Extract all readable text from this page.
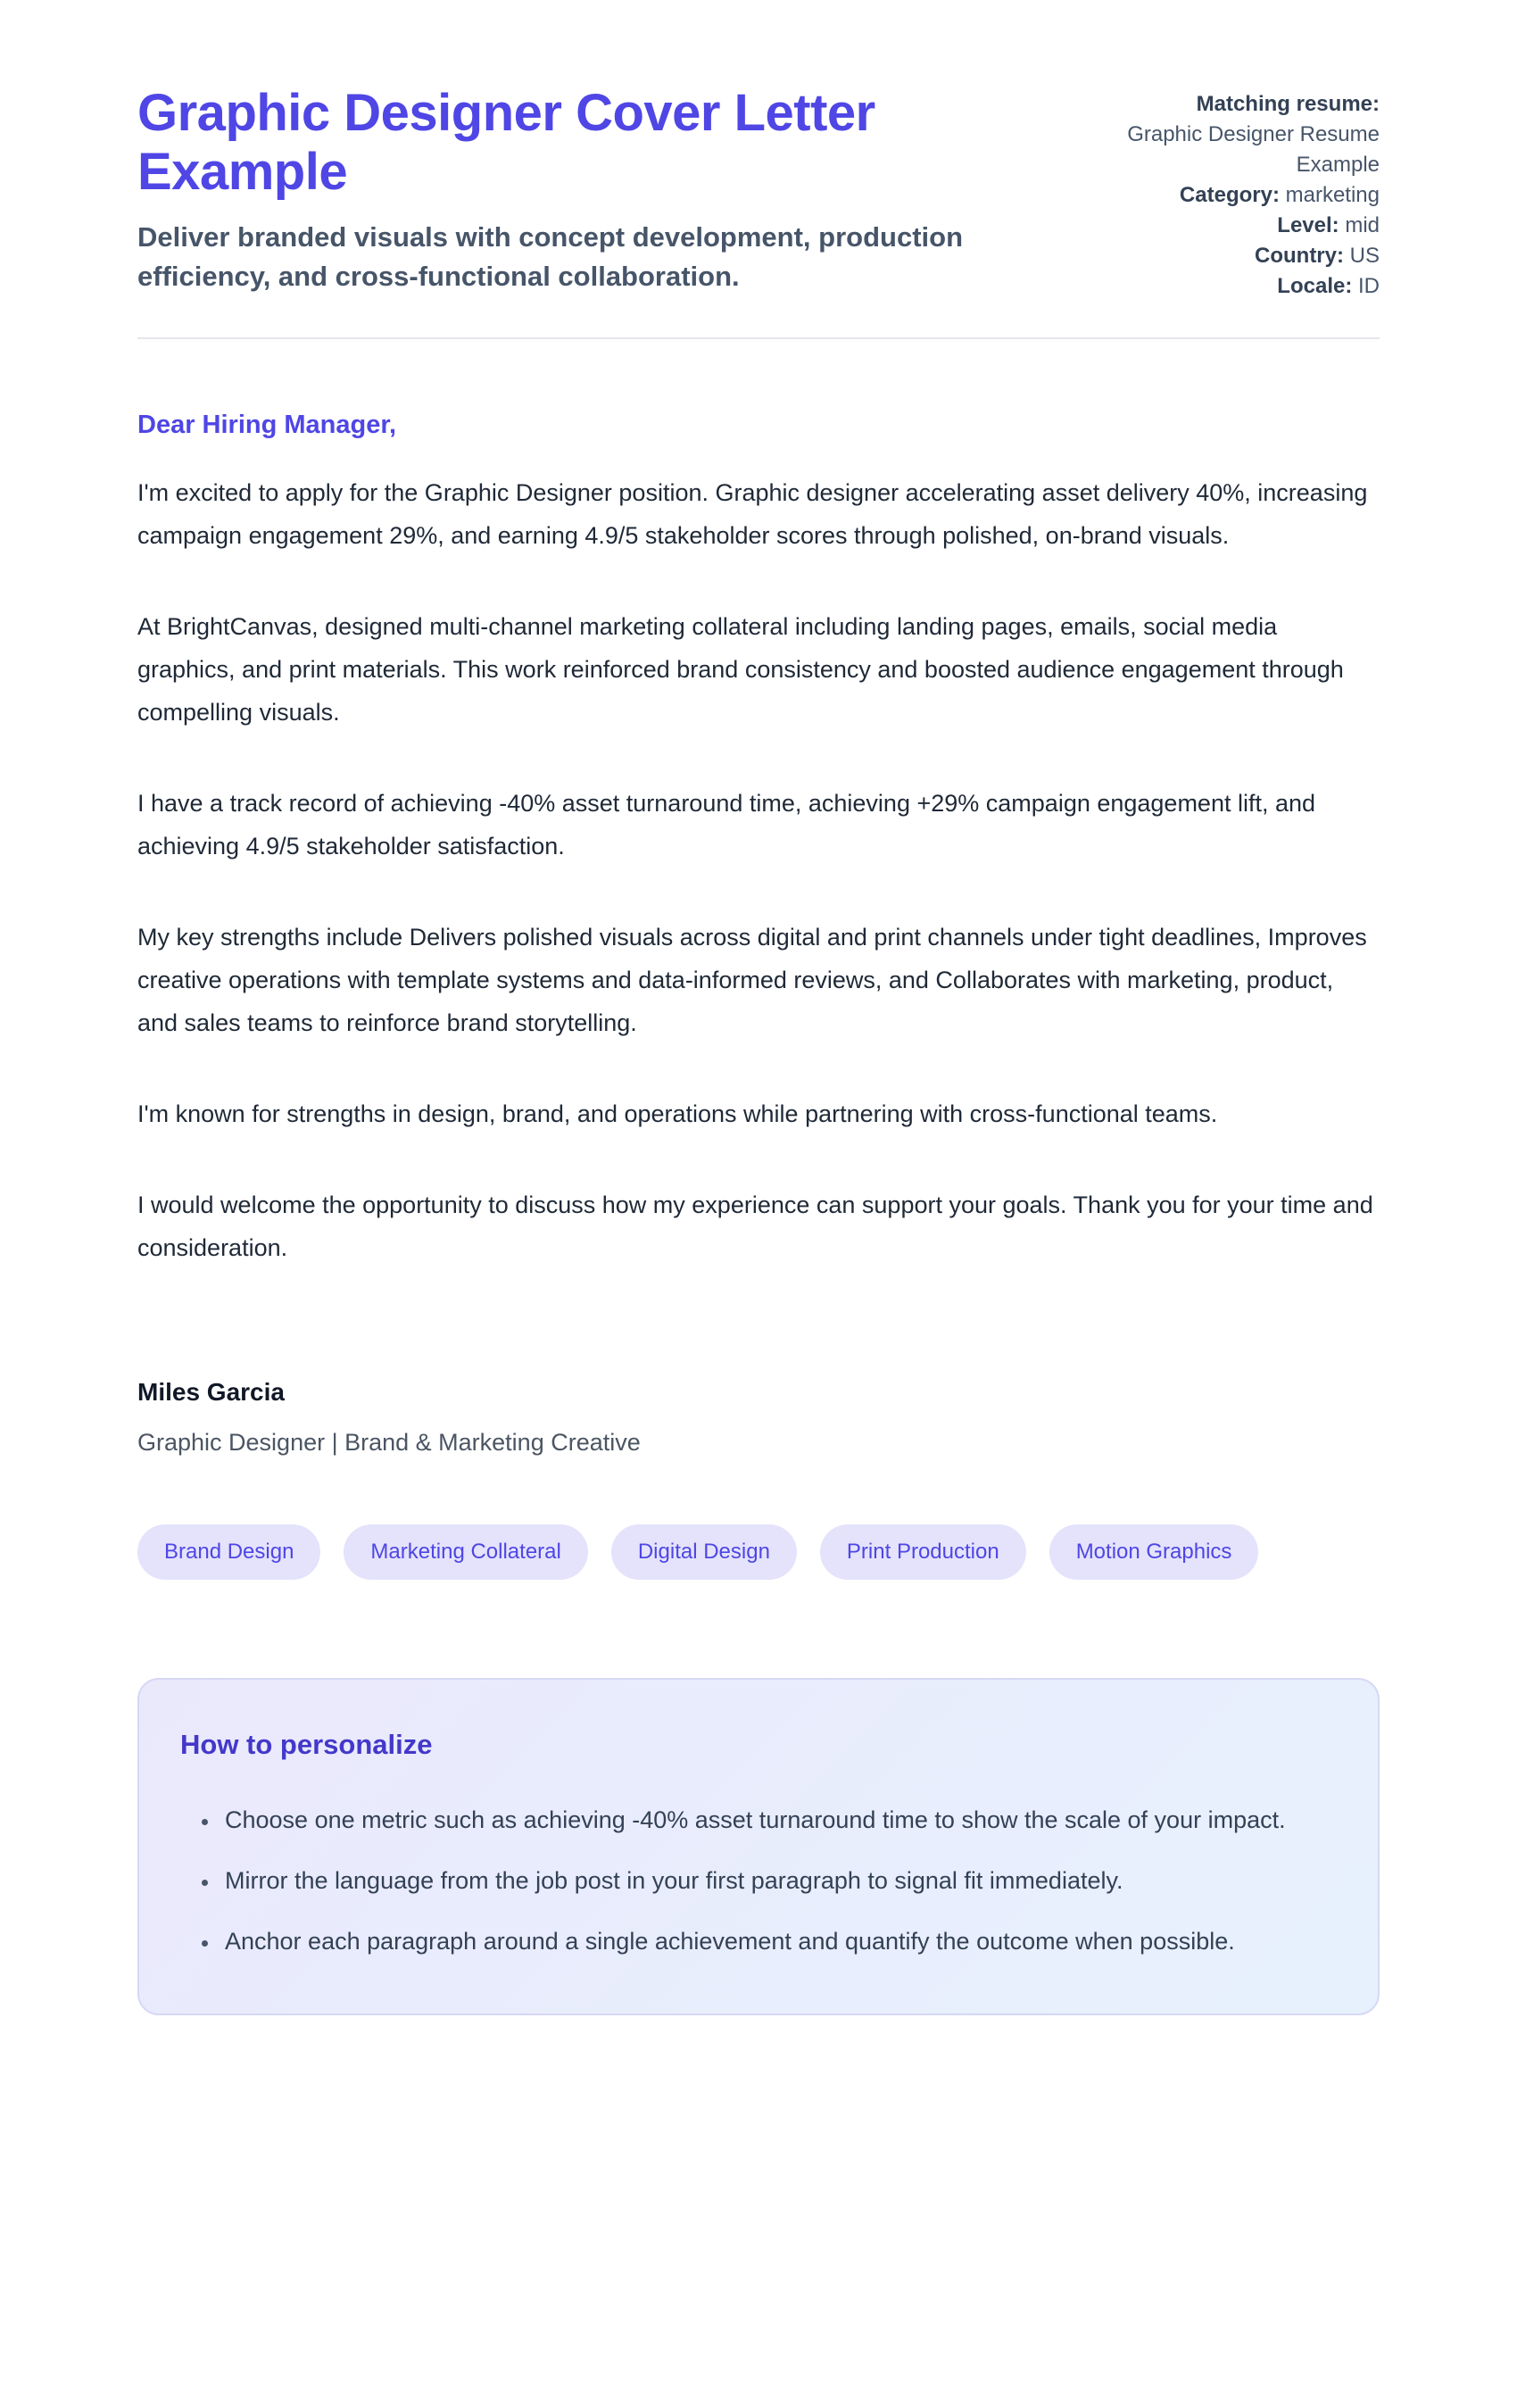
Graphic Designer Cover Letter Example

Deliver branded visuals with concept development, production efficiency, and cross-functional collaboration.

Matching resume:
Graphic Designer Resume Example
Category: marketing
Level: mid
Country: US
Locale: ID

Dear Hiring Manager,

I'm excited to apply for the Graphic Designer position. Graphic designer accelerating asset delivery 40%, increasing campaign engagement 29%, and earning 4.9/5 stakeholder scores through polished, on-brand visuals.

At BrightCanvas, designed multi-channel marketing collateral including landing pages, emails, social media graphics, and print materials. This work reinforced brand consistency and boosted audience engagement through compelling visuals.

I have a track record of achieving -40% asset turnaround time, achieving +29% campaign engagement lift, and achieving 4.9/5 stakeholder satisfaction.

My key strengths include Delivers polished visuals across digital and print channels under tight deadlines, Improves creative operations with template systems and data-informed reviews, and Collaborates with marketing, product, and sales teams to reinforce brand storytelling.

I'm known for strengths in design, brand, and operations while partnering with cross-functional teams.

I would welcome the opportunity to discuss how my experience can support your goals. Thank you for your time and consideration.

Miles Garcia

Graphic Designer | Brand & Marketing Creative

Brand Design	Marketing Collateral	Digital Design	Print Production	Motion Graphics
How to personalize
• Choose one metric such as achieving -40% asset turnaround time to show the scale of your impact.
• Mirror the language from the job post in your first paragraph to signal fit immediately.
• Anchor each paragraph around a single achievement and quantify the outcome when possible.
